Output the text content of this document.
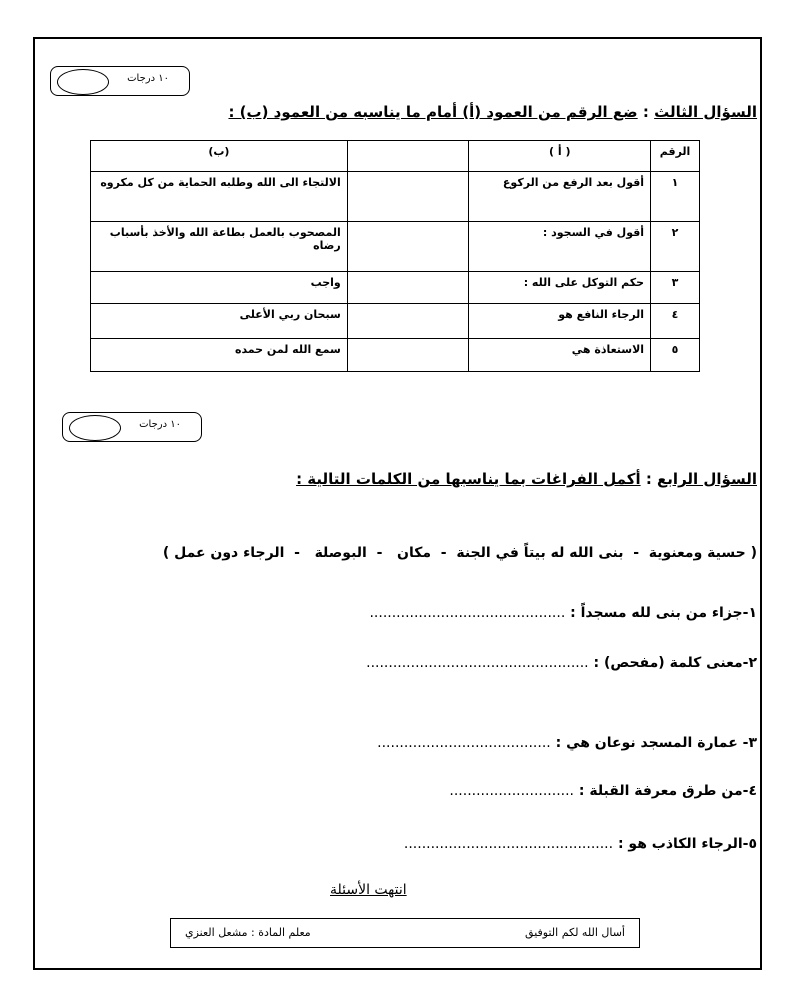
١٠ درجات
السؤال الثالث : ضع الرقم من العمود (أ) أمام ما يناسبه من العمود (ب) :
الرقم	( أ )		(ب)
١	أقول بعد الرفع من الركوع		الالتجاء الى الله وطلبه الحماية من كل مكروه
٢	أقول في السجود :		المصحوب بالعمل بطاعة الله والأخذ بأسباب رضاه
٣	حكم التوكل على الله :		واجب
٤	الرجاء النافع هو		سبحان ربي الأعلى
٥	الاستعاذة هي		سمع الله لمن حمده
١٠ درجات
السؤال الرابع : أكمل الفراغات بما يناسبها من الكلمات التالية :
( حسية ومعنوية  -  بنى الله له بيتاً في الجنة  -  مكان   -  البوصلة   -  الرجاء دون عمل )
١-جزاء من بنى لله مسجداً : ............................................
٢-معنى كلمة (مفحص) : ..................................................
٣- عمارة المسجد نوعان هي : .......................................
٤-من طرق معرفة القبلة : ............................
٥-الرجاء الكاذب هو : ...............................................
انتهت الأسئلة
معلم المادة : مشعل العنزي	أسال الله لكم التوفيق
